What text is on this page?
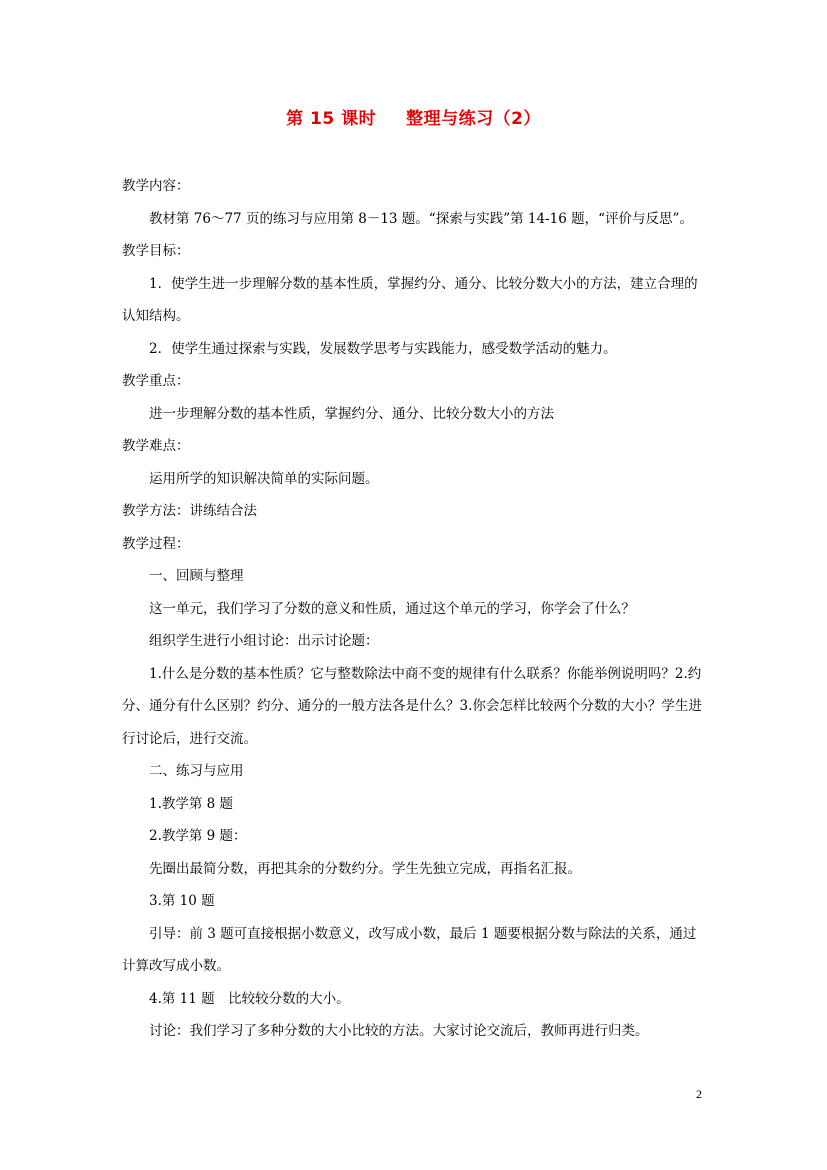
第 15 课时 整理与练习（2）
教学内容：
教材第 76～77 页的练习与应用第 8－13 题。“探索与实践”第 14-16 题，“评价与反思”。
教学目标：
1．使学生进一步理解分数的基本性质，掌握约分、通分、比较分数大小的方法，建立合理的认知结构。
2．使学生通过探索与实践，发展数学思考与实践能力，感受数学活动的魅力。
教学重点：
进一步理解分数的基本性质，掌握约分、通分、比较分数大小的方法
教学难点：
运用所学的知识解决简单的实际问题。
教学方法：讲练结合法
教学过程：
一、回顾与整理
这一单元，我们学习了分数的意义和性质，通过这个单元的学习，你学会了什么？
组织学生进行小组讨论：出示讨论题：
1.什么是分数的基本性质？它与整数除法中商不变的规律有什么联系？你能举例说明吗？2.约分、通分有什么区别？约分、通分的一般方法各是什么？3.你会怎样比较两个分数的大小？学生进行讨论后，进行交流。
二、练习与应用
1.教学第 8 题
2.教学第 9 题：
先圈出最简分数，再把其余的分数约分。学生先独立完成，再指名汇报。
3.第 10 题
引导：前 3 题可直接根据小数意义，改写成小数，最后 1 题要根据分数与除法的关系，通过计算改写成小数。
4.第 11 题　比较较分数的大小。
讨论：我们学习了多种分数的大小比较的方法。大家讨论交流后，教师再进行归类。
2
